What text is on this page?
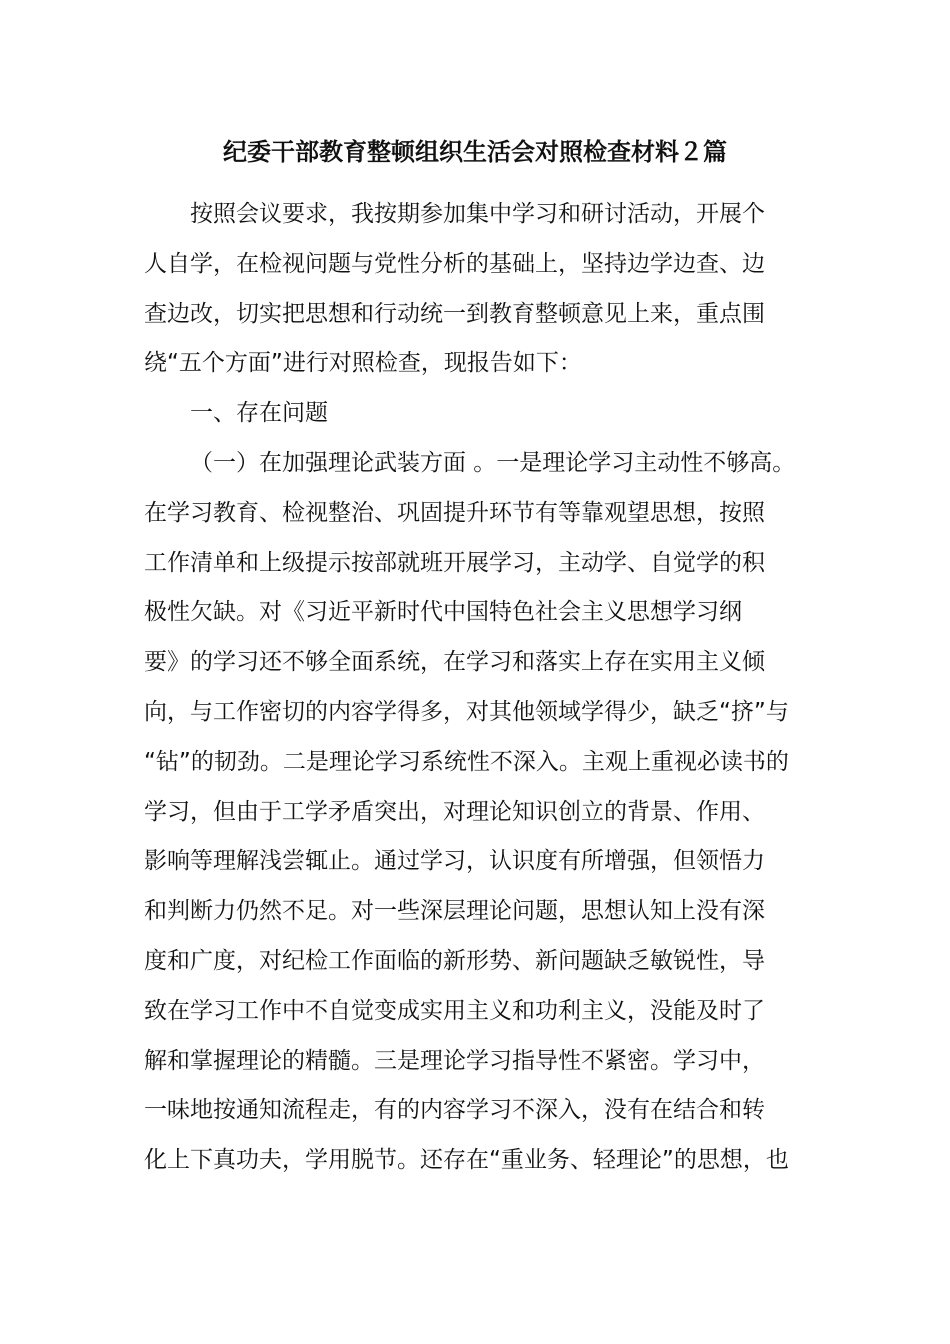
纪委干部教育整顿组织生活会对照检查材料２篇
按照会议要求，我按期参加集中学习和研讨活动，开展个
人自学，在检视问题与党性分析的基础上，坚持边学边查、边
查边改，切实把思想和行动统一到教育整顿意见上来，重点围
绕“五个方面”进行对照检查，现报告如下：
一、存在问题
（一）在加强理论武装方面 。一是理论学习主动性不够高。
在学习教育、检视整治、巩固提升环节有等靠观望思想，按照
工作清单和上级提示按部就班开展学习，主动学、自觉学的积
极性欠缺。对《习近平新时代中国特色社会主义思想学习纲
要》的学习还不够全面系统，在学习和落实上存在实用主义倾
向，与工作密切的内容学得多，对其他领域学得少，缺乏“挤”与
“钻”的韧劲。二是理论学习系统性不深入。主观上重视必读书的
学习，但由于工学矛盾突出，对理论知识创立的背景、作用、
影响等理解浅尝辄止。通过学习，认识度有所增强，但领悟力
和判断力仍然不足。对一些深层理论问题，思想认知上没有深
度和广度，对纪检工作面临的新形势、新问题缺乏敏锐性，导
致在学习工作中不自觉变成实用主义和功利主义，没能及时了
解和掌握理论的精髓。三是理论学习指导性不紧密。学习中，
一味地按通知流程走，有的内容学习不深入，没有在结合和转
化上下真功夫，学用脱节。还存在“重业务、轻理论”的思想，也
